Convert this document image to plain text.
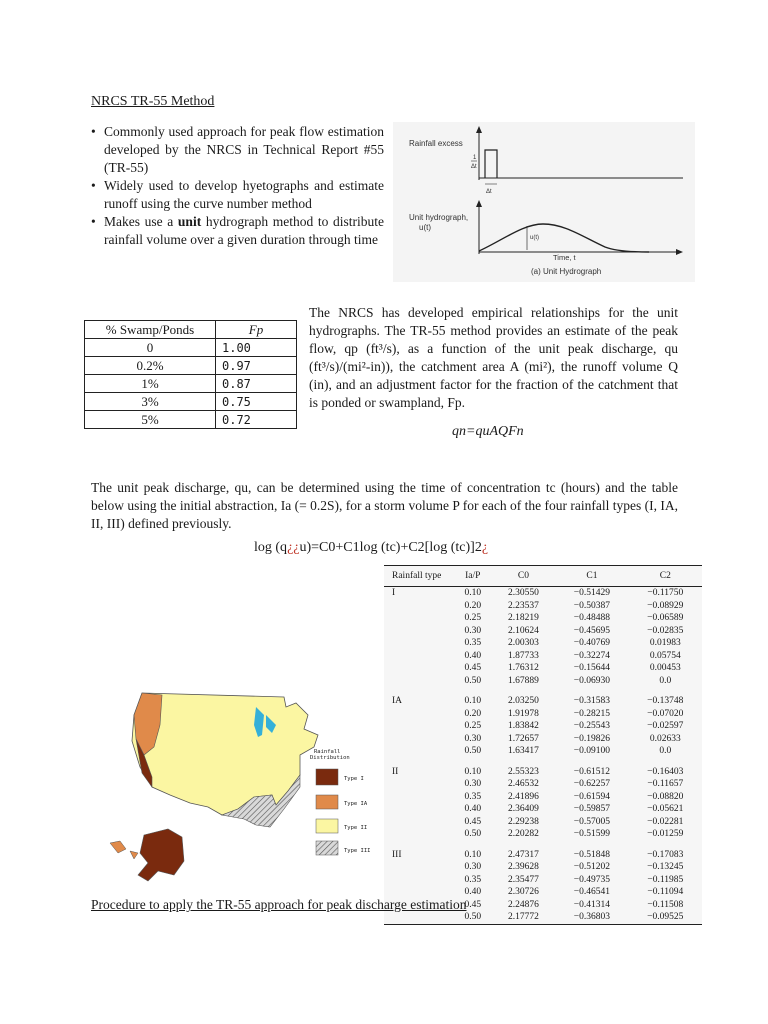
NRCS TR-55 Method
• Commonly used approach for peak flow estimation developed by the NRCS in Technical Report #55 (TR-55)
• Widely used to develop hyetographs and estimate runoff using the curve number method
• Makes use a unit hydrograph method to distribute rainfall volume over a given duration through time
Rainfall excess
1
Δt
Δt
Unit hydrograph,
u(t)
u(t)
Time, t
(a) Unit Hydrograph
% Swamp/Ponds	Fp
0	1.00
0.2%	0.97
1%	0.87
3%	0.75
5%	0.72
The NRCS has developed empirical relationships for the unit hydrographs. The TR-55 method provides an estimate of the peak flow, qp (ft³/s), as a function of the unit peak discharge, qu (ft³/s)/(mi²-in)), the catchment area A (mi²), the runoff volume Q (in), and an adjustment factor for the fraction of the catchment that is ponded or swampland, Fp.
qn=quAQFn
The unit peak discharge, qu, can be determined using the time of concentration tc (hours) and the table below using the initial abstraction, Ia (= 0.2S), for a storm volume P for each of the four rainfall types (I, IA, II, III) defined previously.
log (q¿¿u)=C0+C1log (tc)+C2[log (tc)]2¿
Rainfall type	Ia/P	C0	C1	C2
I	0.10	2.30550	−0.51429	−0.11750
	0.20	2.23537	−0.50387	−0.08929
	0.25	2.18219	−0.48488	−0.06589
	0.30	2.10624	−0.45695	−0.02835
	0.35	2.00303	−0.40769	0.01983
	0.40	1.87733	−0.32274	0.05754
	0.45	1.76312	−0.15644	0.00453
	0.50	1.67889	−0.06930	0.0

IA	0.10	2.03250	−0.31583	−0.13748
	0.20	1.91978	−0.28215	−0.07020
	0.25	1.83842	−0.25543	−0.02597
	0.30	1.72657	−0.19826	0.02633
	0.50	1.63417	−0.09100	0.0

II	0.10	2.55323	−0.61512	−0.16403
	0.30	2.46532	−0.62257	−0.11657
	0.35	2.41896	−0.61594	−0.08820
	0.40	2.36409	−0.59857	−0.05621
	0.45	2.29238	−0.57005	−0.02281
	0.50	2.20282	−0.51599	−0.01259

III	0.10	2.47317	−0.51848	−0.17083
	0.30	2.39628	−0.51202	−0.13245
	0.35	2.35477	−0.49735	−0.11985
	0.40	2.30726	−0.46541	−0.11094
	0.45	2.24876	−0.41314	−0.11508
	0.50	2.17772	−0.36803	−0.09525
Rainfall
Distribution
Type I
Type IA
Type II
Type III
Procedure to apply the TR-55 approach for peak discharge estimation
